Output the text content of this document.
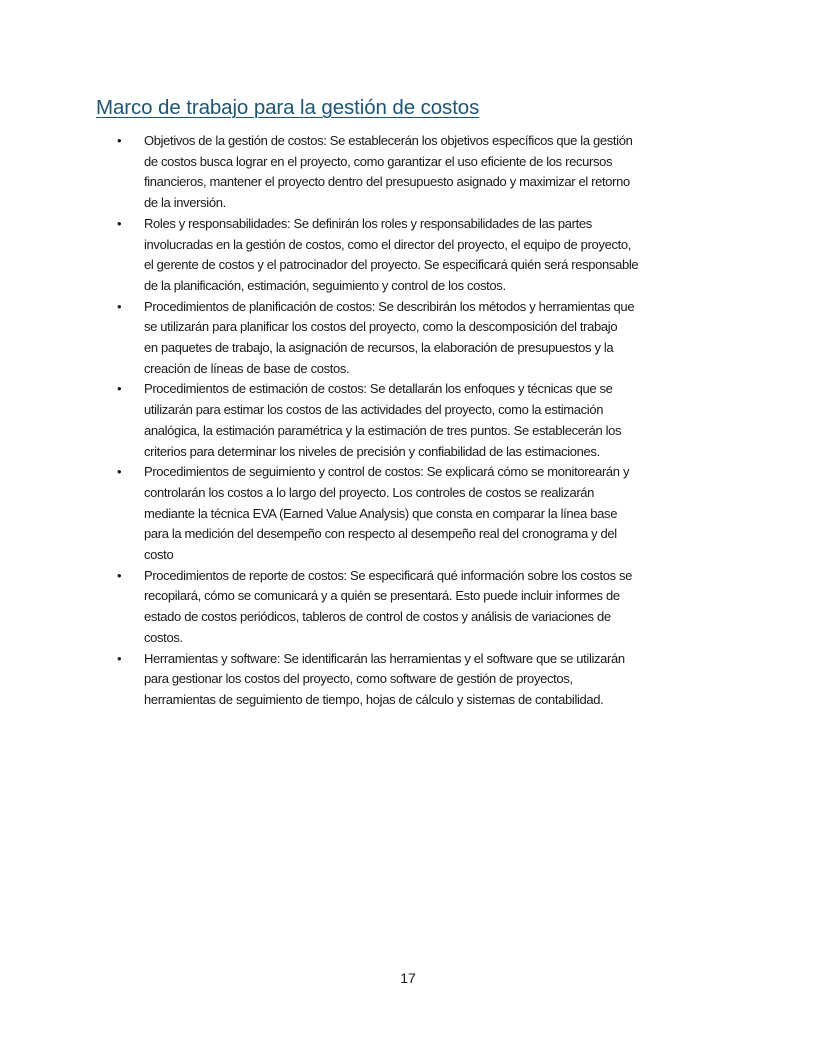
Marco de trabajo para la gestión de costos
• Objetivos de la gestión de costos: Se establecerán los objetivos específicos que la gestión
de costos busca lograr en el proyecto, como garantizar el uso eficiente de los recursos
financieros, mantener el proyecto dentro del presupuesto asignado y maximizar el retorno
de la inversión.
• Roles y responsabilidades: Se definirán los roles y responsabilidades de las partes
involucradas en la gestión de costos, como el director del proyecto, el equipo de proyecto,
el gerente de costos y el patrocinador del proyecto. Se especificará quién será responsable
de la planificación, estimación, seguimiento y control de los costos.
• Procedimientos de planificación de costos: Se describirán los métodos y herramientas que
se utilizarán para planificar los costos del proyecto, como la descomposición del trabajo
en paquetes de trabajo, la asignación de recursos, la elaboración de presupuestos y la
creación de líneas de base de costos.
• Procedimientos de estimación de costos: Se detallarán los enfoques y técnicas que se
utilizarán para estimar los costos de las actividades del proyecto, como la estimación
analógica, la estimación paramétrica y la estimación de tres puntos. Se establecerán los
criterios para determinar los niveles de precisión y confiabilidad de las estimaciones.
• Procedimientos de seguimiento y control de costos: Se explicará cómo se monitorearán y
controlarán los costos a lo largo del proyecto. Los controles de costos se realizarán
mediante la técnica EVA (Earned Value Analysis) que consta en comparar la línea base
para la medición del desempeño con respecto al desempeño real del cronograma y del
costo
• Procedimientos de reporte de costos: Se especificará qué información sobre los costos se
recopilará, cómo se comunicará y a quién se presentará. Esto puede incluir informes de
estado de costos periódicos, tableros de control de costos y análisis de variaciones de
costos.
• Herramientas y software: Se identificarán las herramientas y el software que se utilizarán
para gestionar los costos del proyecto, como software de gestión de proyectos,
herramientas de seguimiento de tiempo, hojas de cálculo y sistemas de contabilidad.
17
